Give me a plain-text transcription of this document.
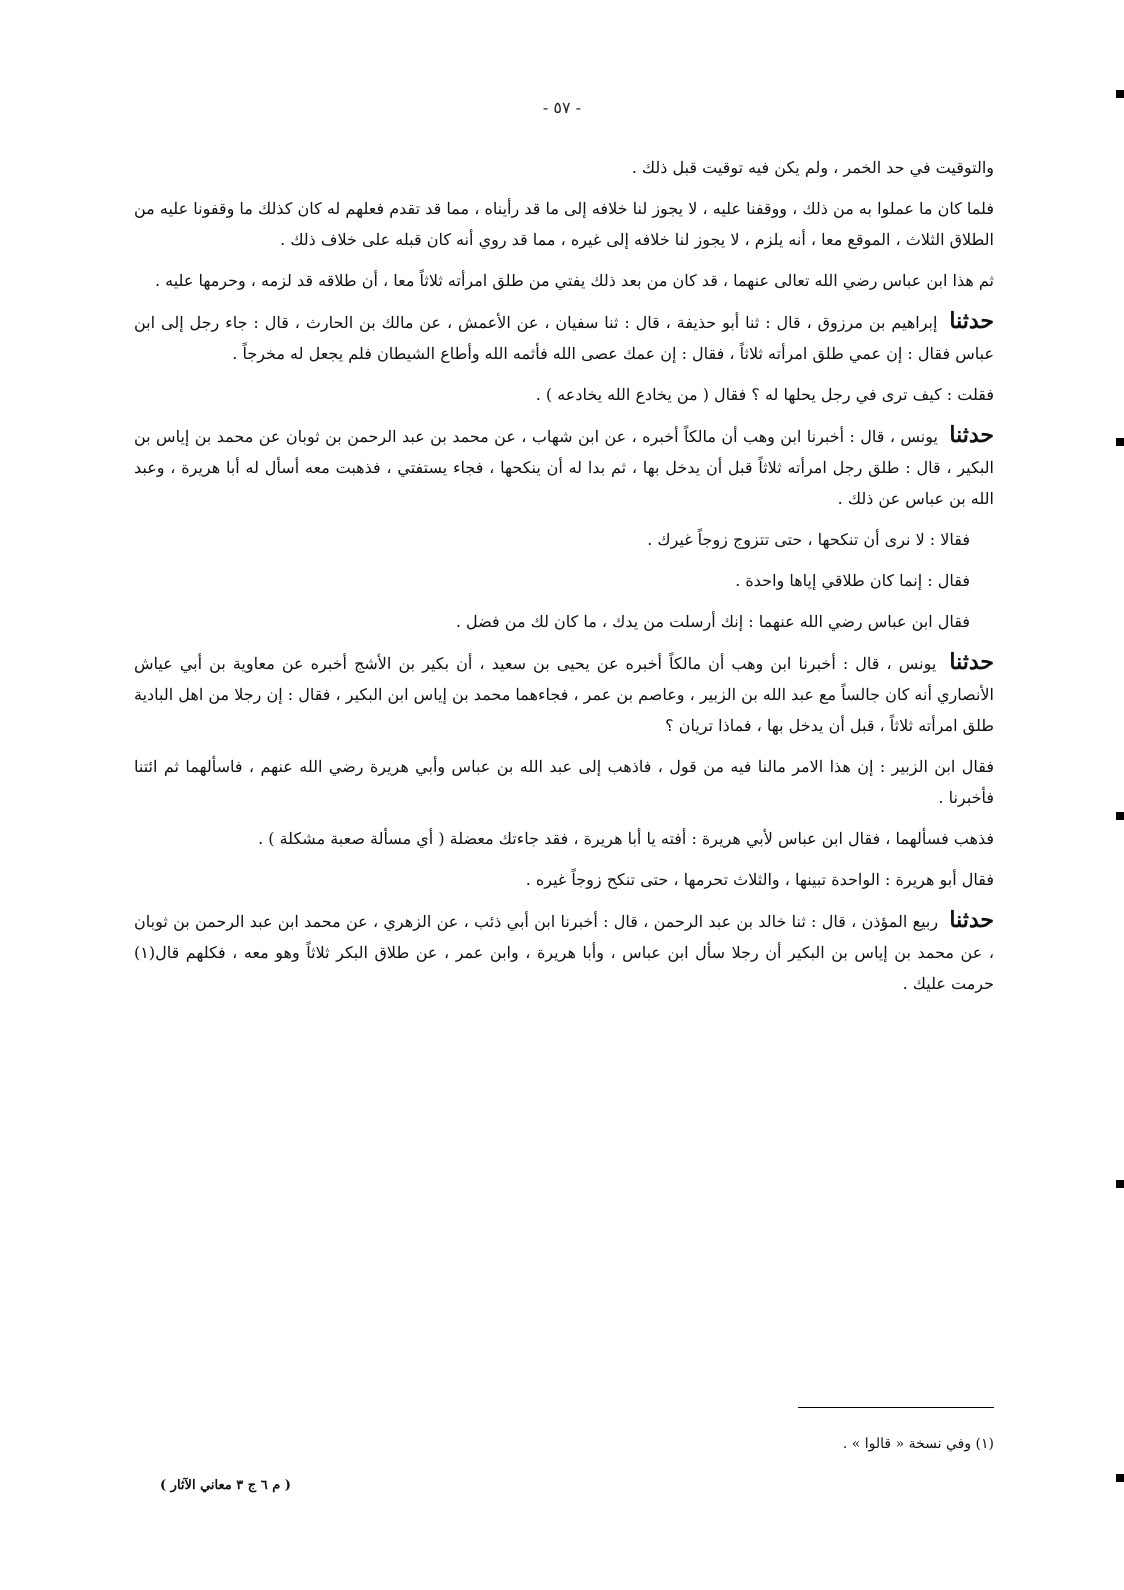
- ٥٧ -

والتوقيت في حد الخمر ، ولم يكن فيه توقيت قبل ذلك .

فلما كان ما عملوا به من ذلك ، ووقفنا عليه ، لا يجوز لنا خلافه إلى ما قد رأيناه ، مما قد تقدم فعلهم له كان كذلك ما وقفونا عليه من الطلاق الثلاث ، الموقع معا ، أنه يلزم ، لا يجوز لنا خلافه إلى غيره ، مما قد روي أنه كان قبله على خلاف ذلك .

ثم هذا ابن عباس رضي الله تعالى عنهما ، قد كان من بعد ذلك يفتي من طلق امرأته ثلاثاً معا ، أن طلاقه قد لزمه ، وحرمها عليه .

حدثنا إبراهيم بن مرزوق ، قال : ثنا أبو حذيفة ، قال : ثنا سفيان ، عن الأعمش ، عن مالك بن الحارث ، قال : جاء رجل إلى ابن عباس فقال : إن عمي طلق امرأته ثلاثاً ، فقال : إن عمك عصى الله فأثمه الله وأطاع الشيطان فلم يجعل له مخرجاً .

فقلت : كيف ترى في رجل يحلها له ؟ فقال ( من يخادع الله يخادعه ) .

حدثنا يونس ، قال : أخبرنا ابن وهب أن مالكاً أخبره ، عن ابن شهاب ، عن محمد بن عبد الرحمن بن ثوبان عن محمد بن إياس بن البكير ، قال : طلق رجل امرأته ثلاثاً قبل أن يدخل بها ، ثم بدا له أن ينكحها ، فجاء يستفتي ، فذهبت معه أسأل له أبا هريرة ، وعبد الله بن عباس عن ذلك .

فقالا : لا نرى أن تنكحها ، حتى تتزوج زوجاً غيرك .

فقال : إنما كان طلاقي إياها واحدة .

فقال ابن عباس رضي الله عنهما : إنك أرسلت من يدك ، ما كان لك من فضل .

حدثنا يونس ، قال : أخبرنا ابن وهب أن مالكاً أخبره عن يحيى بن سعيد ، أن بكير بن الأشج أخبره عن معاوية بن أبي عياش الأنصاري أنه كان جالساً مع عبد الله بن الزبير ، وعاصم بن عمر ، فجاءهما محمد بن إياس ابن البكير ، فقال : إن رجلا من اهل البادية طلق امرأته ثلاثاً ، قبل أن يدخل بها ، فماذا تريان ؟

فقال ابن الزبير : إن هذا الامر مالنا فيه من قول ، فاذهب إلى عبد الله بن عباس وأبي هريرة رضي الله عنهم ، فاسألهما ثم ائتنا فأخبرنا .

فذهب فسألهما ، فقال ابن عباس لأبي هريرة : أفته يا أبا هريرة ، فقد جاءتك معضلة ( أي مسألة صعبة مشكلة ) .

فقال أبو هريرة : الواحدة تبينها ، والثلاث تحرمها ، حتى تنكح زوجاً غيره .

حدثنا ربيع المؤذن ، قال : ثنا خالد بن عبد الرحمن ، قال : أخبرنا ابن أبي ذئب ، عن الزهري ، عن محمد ابن عبد الرحمن بن ثوبان ، عن محمد بن إياس بن البكير أن رجلا سأل ابن عباس ، وأبا هريرة ، وابن عمر ، عن طلاق البكر ثلاثاً وهو معه ، فكلهم قال(١) حرمت عليك .

(١) وفي نسخة « قالوا » .
( م ٦ ج ٣ معاني الآثار )
